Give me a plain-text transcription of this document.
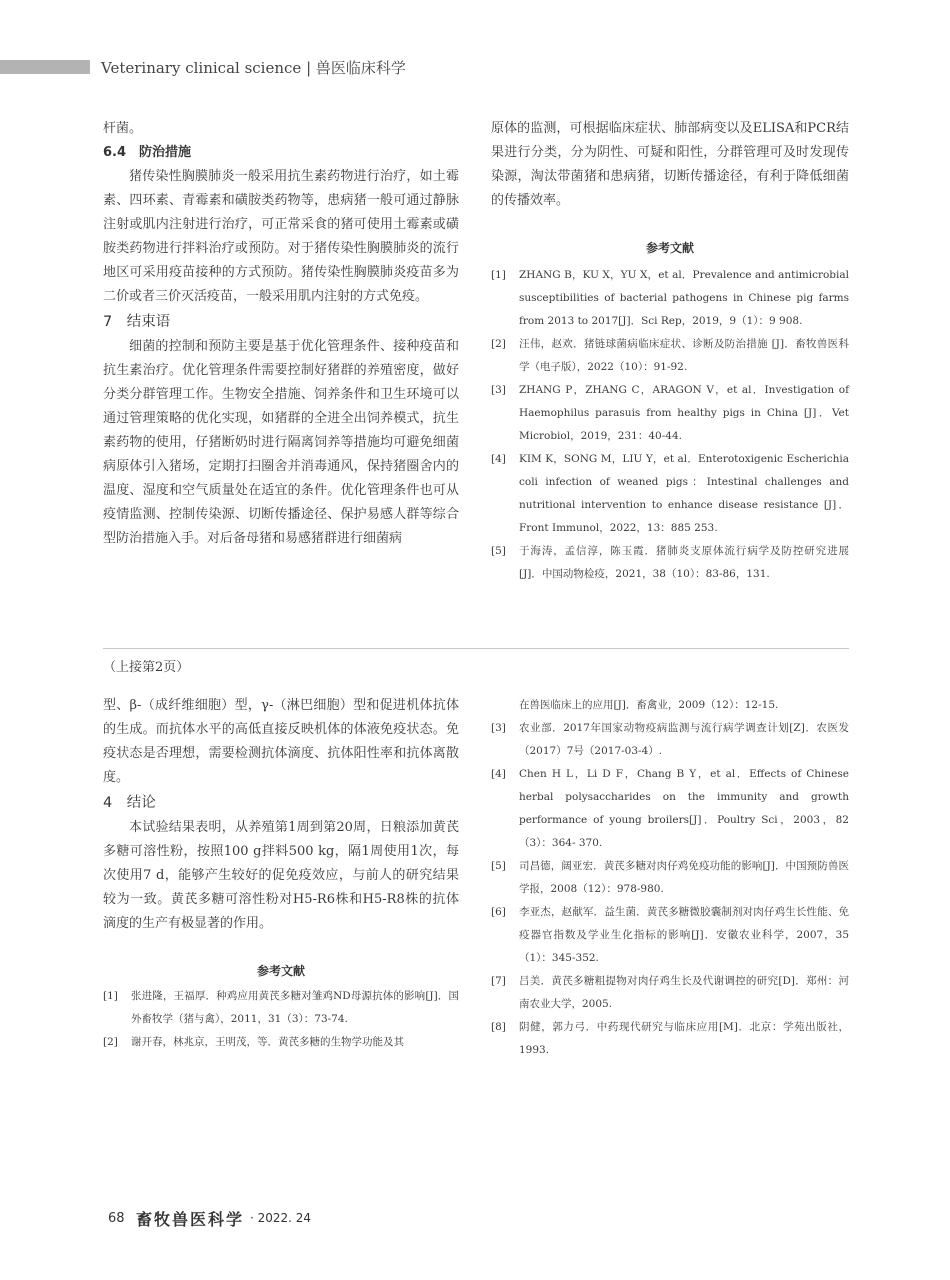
Veterinary clinical science | 兽医临床科学

杆菌。

6.4　防治措施

猪传染性胸膜肺炎一般采用抗生素药物进行治疗，如土霉素、四环素、青霉素和磺胺类药物等，患病猪一般可通过静脉注射或肌内注射进行治疗，可正常采食的猪可使用土霉素或磺胺类药物进行拌料治疗或预防。对于猪传染性胸膜肺炎的流行地区可采用疫苗接种的方式预防。猪传染性胸膜肺炎疫苗多为二价或者三价灭活疫苗，一般采用肌内注射的方式免疫。

7　结束语

细菌的控制和预防主要是基于优化管理条件、接种疫苗和抗生素治疗。优化管理条件需要控制好猪群的养殖密度，做好分类分群管理工作。生物安全措施、饲养条件和卫生环境可以通过管理策略的优化实现，如猪群的全进全出饲养模式，抗生素药物的使用，仔猪断奶时进行隔离饲养等措施均可避免细菌病原体引入猪场，定期打扫圈舍并消毒通风，保持猪圈舍内的温度、湿度和空气质量处在适宜的条件。优化管理条件也可从疫情监测、控制传染源、切断传播途径、保护易感人群等综合型防治措施入手。对后备母猪和易感猪群进行细菌病

原体的监测，可根据临床症状、肺部病变以及ELISA和PCR结果进行分类，分为阴性、可疑和阳性，分群管理可及时发现传染源，淘汰带菌猪和患病猪，切断传播途径，有利于降低细菌的传播效率。

参考文献

[1] ZHANG B，KU X，YU X，et al．Prevalence and antimicrobial susceptibilities of bacterial pathogens in Chinese pig farms from 2013 to 2017[J]．Sci Rep，2019，9（1）：9 908.

[2] 汪伟，赵欢．猪链球菌病临床症状、诊断及防治措施 [J]．畜牧兽医科学（电子版），2022（10）：91-92.

[3] ZHANG P，ZHANG C，ARAGON V，et al．Investigation of Haemophilus parasuis from healthy pigs in China [J]．Vet Microbiol，2019，231：40-44.

[4] KIM K，SONG M，LIU Y，et al．Enterotoxigenic Escherichia coli infection of weaned pigs：Intestinal challenges and nutritional intervention to enhance disease resistance [J]．Front Immunol，2022，13：885 253.

[5] 于海涛，孟信淳，陈玉霞．猪肺炎支原体流行病学及防控研究进展 [J]．中国动物检疫，2021，38（10）：83-86，131.

（上接第2页）

型、β-（成纤维细胞）型，γ-（淋巴细胞）型和促进机体抗体的生成。而抗体水平的高低直接反映机体的体液免疫状态。免疫状态是否理想，需要检测抗体滴度、抗体阳性率和抗体离散度。

4　结论

本试验结果表明，从养殖第1周到第20周，日粮添加黄芪多糖可溶性粉，按照100 g拌料500 kg，隔1周使用1次，每次使用7 d，能够产生较好的促免疫效应，与前人的研究结果较为一致。黄芪多糖可溶性粉对H5-R6株和H5-R8株的抗体滴度的生产有极显著的作用。

参考文献

[1] 张进隆，王福厚．种鸡应用黄芪多糖对雏鸡ND母源抗体的影响[J]．国外畜牧学（猪与禽），2011，31（3）：73-74.

[2] 谢开春，林兆京，王明茂，等．黄芪多糖的生物学功能及其

在兽医临床上的应用[J]．畜禽业，2009（12）：12-15.

[3] 农业部．2017年国家动物疫病监测与流行病学调查计划[Z]．农医发（2017）7号（2017-03-4）.

[4] Chen H L，Li D F，Chang B Y，et al．Effects of Chinese herbal polysaccharides on the immunity and growth performance of young broilers[J]．Poultry Sci，2003，82（3）：364- 370.

[5] 司昌德，阔亚宏．黄芪多糖对肉仔鸡免疫功能的影响[J]．中国预防兽医学报，2008（12）：978-980.

[6] 李亚杰，赵献军．益生菌．黄芪多糖微胶囊制剂对肉仔鸡生长性能、免疫器官指数及学业生化指标的影响[J]．安徽农业科学，2007，35（1）：345-352.

[7] 吕美．黄芪多糖粗提物对肉仔鸡生长及代谢调控的研究[D]．郑州：河南农业大学，2005.

[8] 阴健，郭力弓．中药现代研究与临床应用[M]．北京：学苑出版社，1993.

68 畜牧兽医科学 · 2022. 24
